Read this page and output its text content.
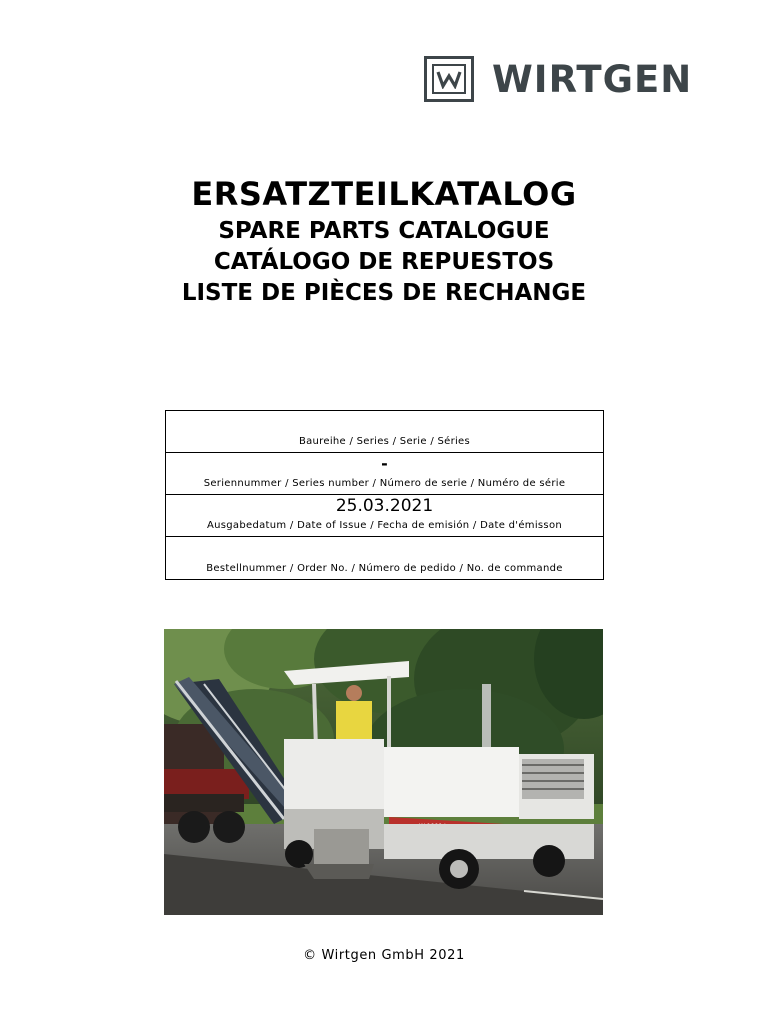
WIRTGEN
ERSATZTEILKATALOG
SPARE PARTS CATALOGUE
CATÁLOGO DE REPUESTOS
LISTE DE PIÈCES DE RECHANGE
Baureihe / Series / Serie / Séries
-
Seriennummer / Series number / Número de serie / Numéro de série
25.03.2021
Ausgabedatum / Date of Issue / Fecha de emisión / Date d'émisson
Bestellnummer / Order No. / Número de pedido / No. de commande
© Wirtgen GmbH 2021
